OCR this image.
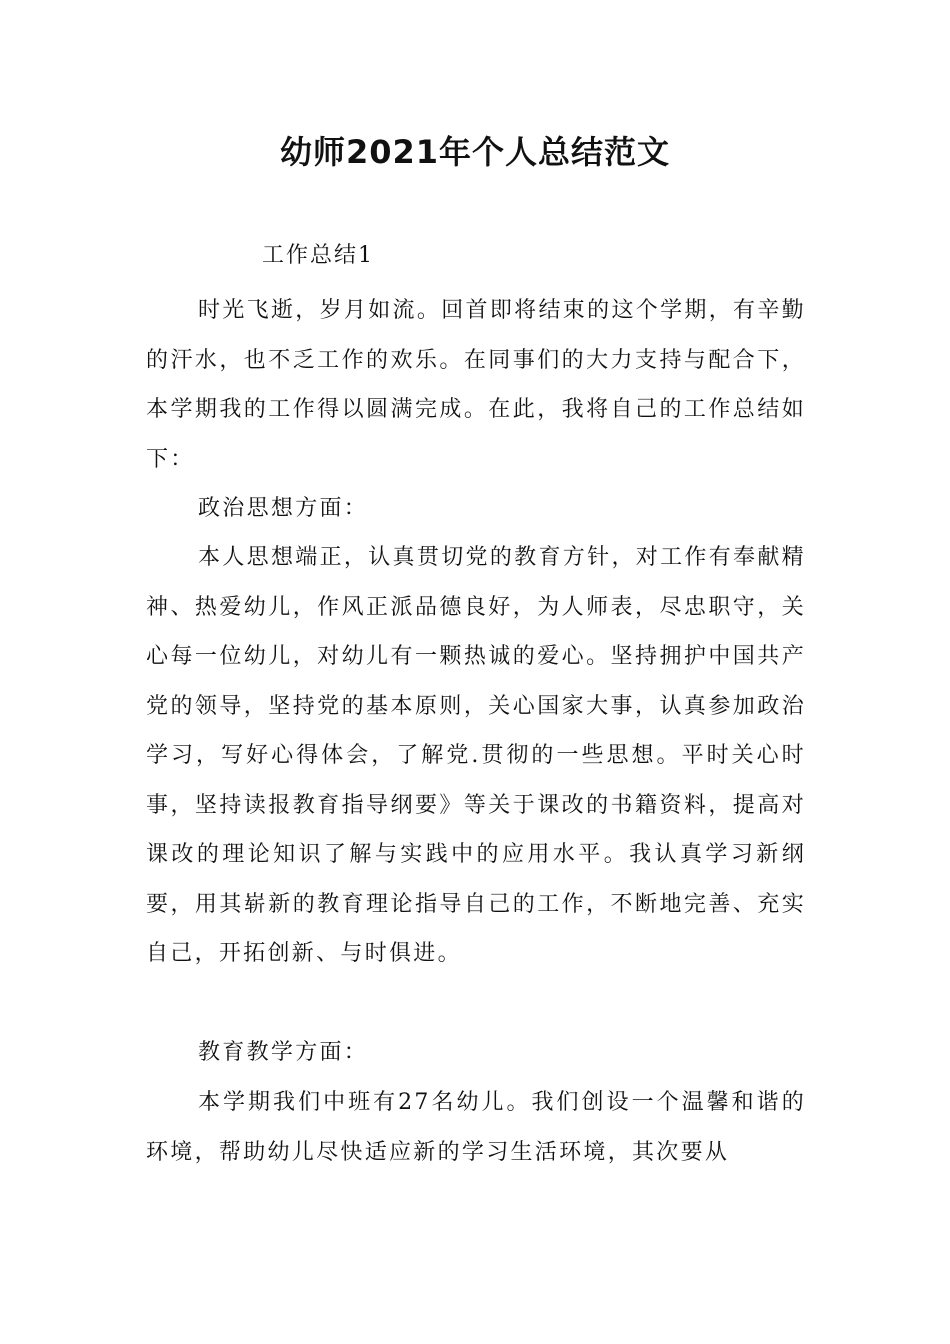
幼师2021年个人总结范文

工作总结1

时光飞逝，岁月如流。回首即将结束的这个学期，有辛勤的汗水，也不乏工作的欢乐。在同事们的大力支持与配合下，本学期我的工作得以圆满完成。在此，我将自己的工作总结如下：

政治思想方面：

本人思想端正，认真贯切党的教育方针，对工作有奉献精神、热爱幼儿，作风正派品德良好，为人师表，尽忠职守，关心每一位幼儿，对幼儿有一颗热诚的爱心。坚持拥护中国共产党的领导，坚持党的基本原则，关心国家大事，认真参加政治学习，写好心得体会，了解党.贯彻的一些思想。平时关心时事，坚持读报教育指导纲要》等关于课改的书籍资料，提高对课改的理论知识了解与实践中的应用水平。我认真学习新纲要，用其崭新的教育理论指导自己的工作，不断地完善、充实自己，开拓创新、与时俱进。

教育教学方面：

本学期我们中班有27名幼儿。我们创设一个温馨和谐的环境，帮助幼儿尽快适应新的学习生活环境，其次要从
